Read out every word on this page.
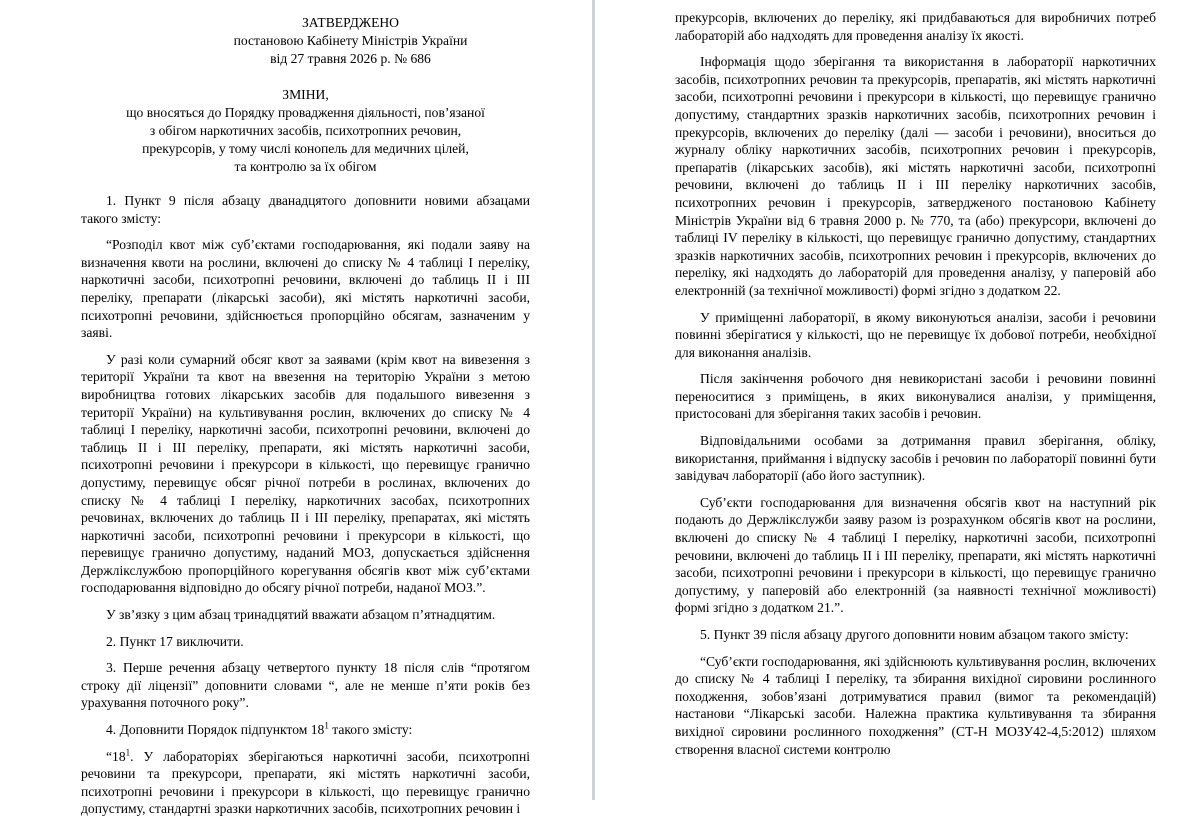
ЗАТВЕРДЖЕНО
постановою Кабінету Міністрів України
від 27 травня 2026 р. № 686
ЗМІНИ,
що вносяться до Порядку провадження діяльності, пов’язаної
з обігом наркотичних засобів, психотропних речовин,
прекурсорів, у тому числі конопель для медичних цілей,
та контролю за їх обігом

1. Пункт 9 після абзацу дванадцятого доповнити новими абзацами такого змісту:

“Розподіл квот між суб’єктами господарювання, які подали заяву на визначення квоти на рослини, включені до списку № 4 таблиці I переліку, наркотичні засоби, психотропні речовини, включені до таблиць II і III переліку, препарати (лікарські засоби), які містять наркотичні засоби, психотропні речовини, здійснюється пропорційно обсягам, зазначеним у заяві.

У разі коли сумарний обсяг квот за заявами (крім квот на вивезення з території України та квот на ввезення на територію України з метою виробництва готових лікарських засобів для подальшого вивезення з території України) на культивування рослин, включених до списку № 4 таблиці I переліку, наркотичні засоби, психотропні речовини, включені до таблиць II і III переліку, препарати, які містять наркотичні засоби, психотропні речовини і прекурсори в кількості, що перевищує гранично допустиму, перевищує обсяг річної потреби в рослинах, включених до списку № 4 таблиці I переліку, наркотичних засобах, психотропних речовинах, включених до таблиць II і III переліку, препаратах, які містять наркотичні засоби, психотропні речовини і прекурсори в кількості, що перевищує гранично допустиму, наданий МОЗ, допускається здійснення Держлікслужбою пропорційного корегування обсягів квот між суб’єктами господарювання відповідно до обсягу річної потреби, наданої МОЗ.”.

У зв’язку з цим абзац тринадцятий вважати абзацом п’ятнадцятим.

2. Пункт 17 виключити.

3. Перше речення абзацу четвертого пункту 18 після слів “протягом строку дії ліцензії” доповнити словами “, але не менше п’яти років без урахування поточного року”.

4. Доповнити Порядок підпунктом $18^1$ такого змісту:

“$18^1$. У лабораторіях зберігаються наркотичні засоби, психотропні речовини та прекурсори, препарати, які містять наркотичні засоби, психотропні речовини і прекурсори в кількості, що перевищує гранично допустиму, стандартні зразки наркотичних засобів, психотропних речовин і

прекурсорів, включених до переліку, які придбаваються для виробничих потреб лабораторій або надходять для проведення аналізу їх якості.

Інформація щодо зберігання та використання в лабораторії наркотичних засобів, психотропних речовин та прекурсорів, препаратів, які містять наркотичні засоби, психотропні речовини і прекурсори в кількості, що перевищує гранично допустиму, стандартних зразків наркотичних засобів, психотропних речовин і прекурсорів, включених до переліку (далі — засоби і речовини), вноситься до журналу обліку наркотичних засобів, психотропних речовин і прекурсорів, препаратів (лікарських засобів), які містять наркотичні засоби, психотропні речовини, включені до таблиць II і III переліку наркотичних засобів, психотропних речовин і прекурсорів, затвердженого постановою Кабінету Міністрів України від 6 травня 2000 р. № 770, та (або) прекурсори, включені до таблиці IV переліку в кількості, що перевищує гранично допустиму, стандартних зразків наркотичних засобів, психотропних речовин і прекурсорів, включених до переліку, які надходять до лабораторій для проведення аналізу, у паперовій або електронній (за технічної можливості) формі згідно з додатком 22.

У приміщенні лабораторії, в якому виконуються аналізи, засоби і речовини повинні зберігатися у кількості, що не перевищує їх добової потреби, необхідної для виконання аналізів.

Після закінчення робочого дня невикористані засоби і речовини повинні переноситися з приміщень, в яких виконувалися аналізи, у приміщення, пристосовані для зберігання таких засобів і речовин.

Відповідальними особами за дотримання правил зберігання, обліку, використання, приймання і відпуску засобів і речовин по лабораторії повинні бути завідувач лабораторії (або його заступник).

Суб’єкти господарювання для визначення обсягів квот на наступний рік подають до Держлікслужби заяву разом із розрахунком обсягів квот на рослини, включені до списку № 4 таблиці I переліку, наркотичні засоби, психотропні речовини, включені до таблиць II і III переліку, препарати, які містять наркотичні засоби, психотропні речовини і прекурсори в кількості, що перевищує гранично допустиму, у паперовій або електронній (за наявності технічної можливості) формі згідно з додатком 21.”.

5. Пункт 39 після абзацу другого доповнити новим абзацом такого змісту:

“Суб’єкти господарювання, які здійснюють культивування рослин, включених до списку № 4 таблиці I переліку, та збирання вихідної сировини рослинного походження, зобов’язані дотримуватися правил (вимог та рекомендацій) настанови “Лікарські засоби. Належна практика культивування та збирання вихідної сировини рослинного походження” (СТ-Н МОЗУ42-4,5:2012) шляхом створення власної системи контролю
